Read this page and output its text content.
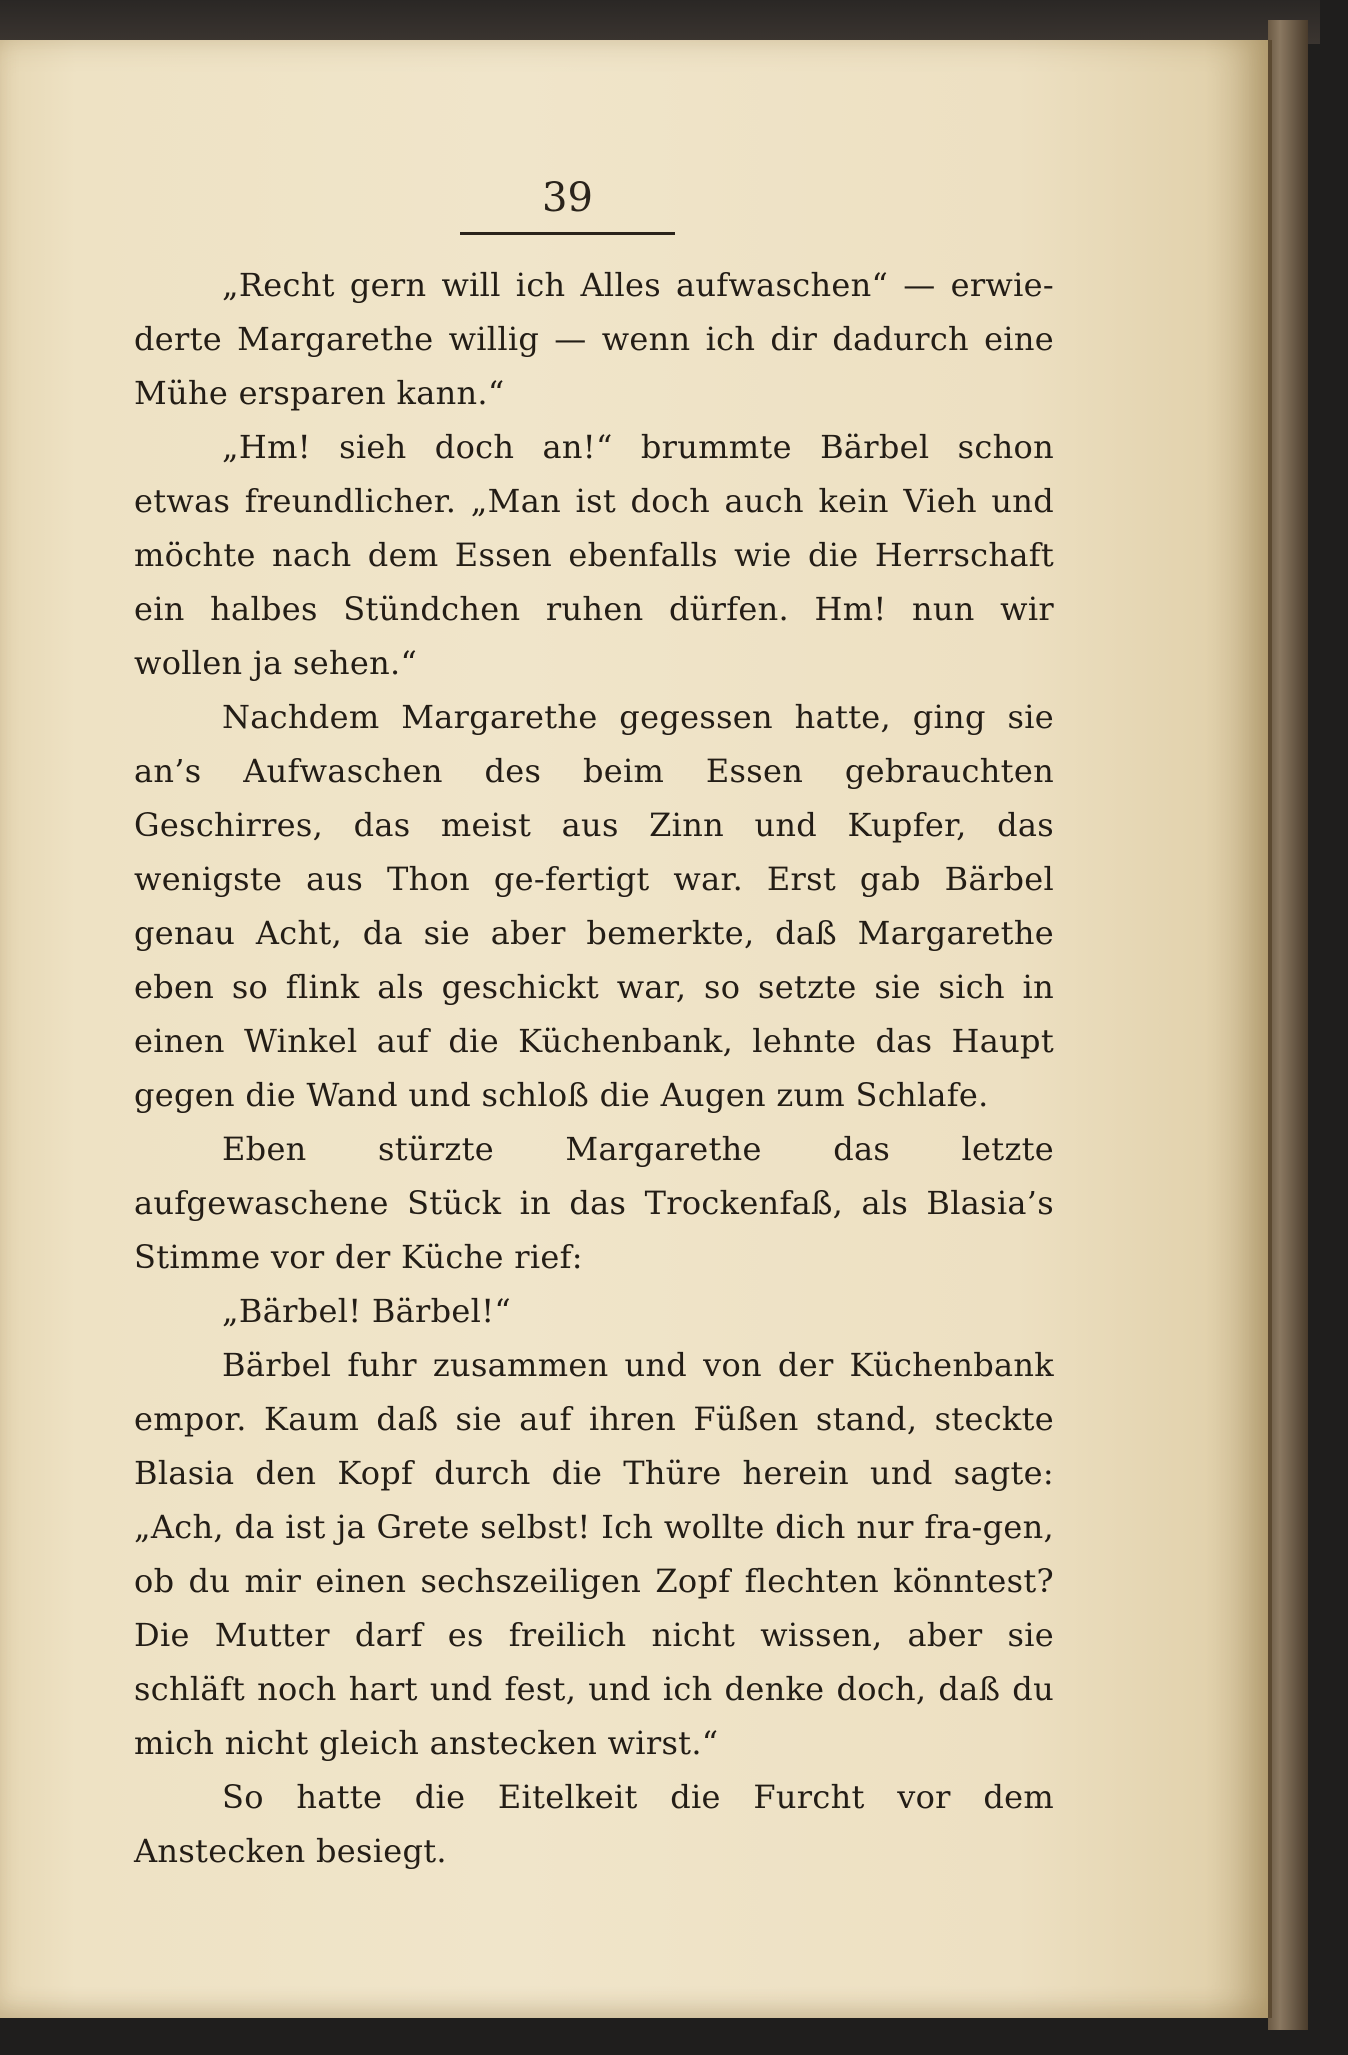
39

„Recht gern will ich Alles aufwaschen“ — erwie-derte Margarethe willig — wenn ich dir dadurch eine Mühe ersparen kann.“

„Hm! sieh doch an!“ brummte Bärbel schon etwas freundlicher. „Man ist doch auch kein Vieh und möchte nach dem Essen ebenfalls wie die Herrschaft ein halbes Stündchen ruhen dürfen. Hm! nun wir wollen ja sehen.“

Nachdem Margarethe gegessen hatte, ging sie an’s Aufwaschen des beim Essen gebrauchten Geschirres, das meist aus Zinn und Kupfer, das wenigste aus Thon ge-fertigt war. Erst gab Bärbel genau Acht, da sie aber bemerkte, daß Margarethe eben so flink als geschickt war, so setzte sie sich in einen Winkel auf die Küchenbank, lehnte das Haupt gegen die Wand und schloß die Augen zum Schlafe.

Eben stürzte Margarethe das letzte aufgewaschene Stück in das Trockenfaß, als Blasia’s Stimme vor der Küche rief:

„Bärbel! Bärbel!“

Bärbel fuhr zusammen und von der Küchenbank empor. Kaum daß sie auf ihren Füßen stand, steckte Blasia den Kopf durch die Thüre herein und sagte: „Ach, da ist ja Grete selbst! Ich wollte dich nur fra-gen, ob du mir einen sechszeiligen Zopf flechten könntest? Die Mutter darf es freilich nicht wissen, aber sie schläft noch hart und fest, und ich denke doch, daß du mich nicht gleich anstecken wirst.“

So hatte die Eitelkeit die Furcht vor dem Anstecken besiegt.
